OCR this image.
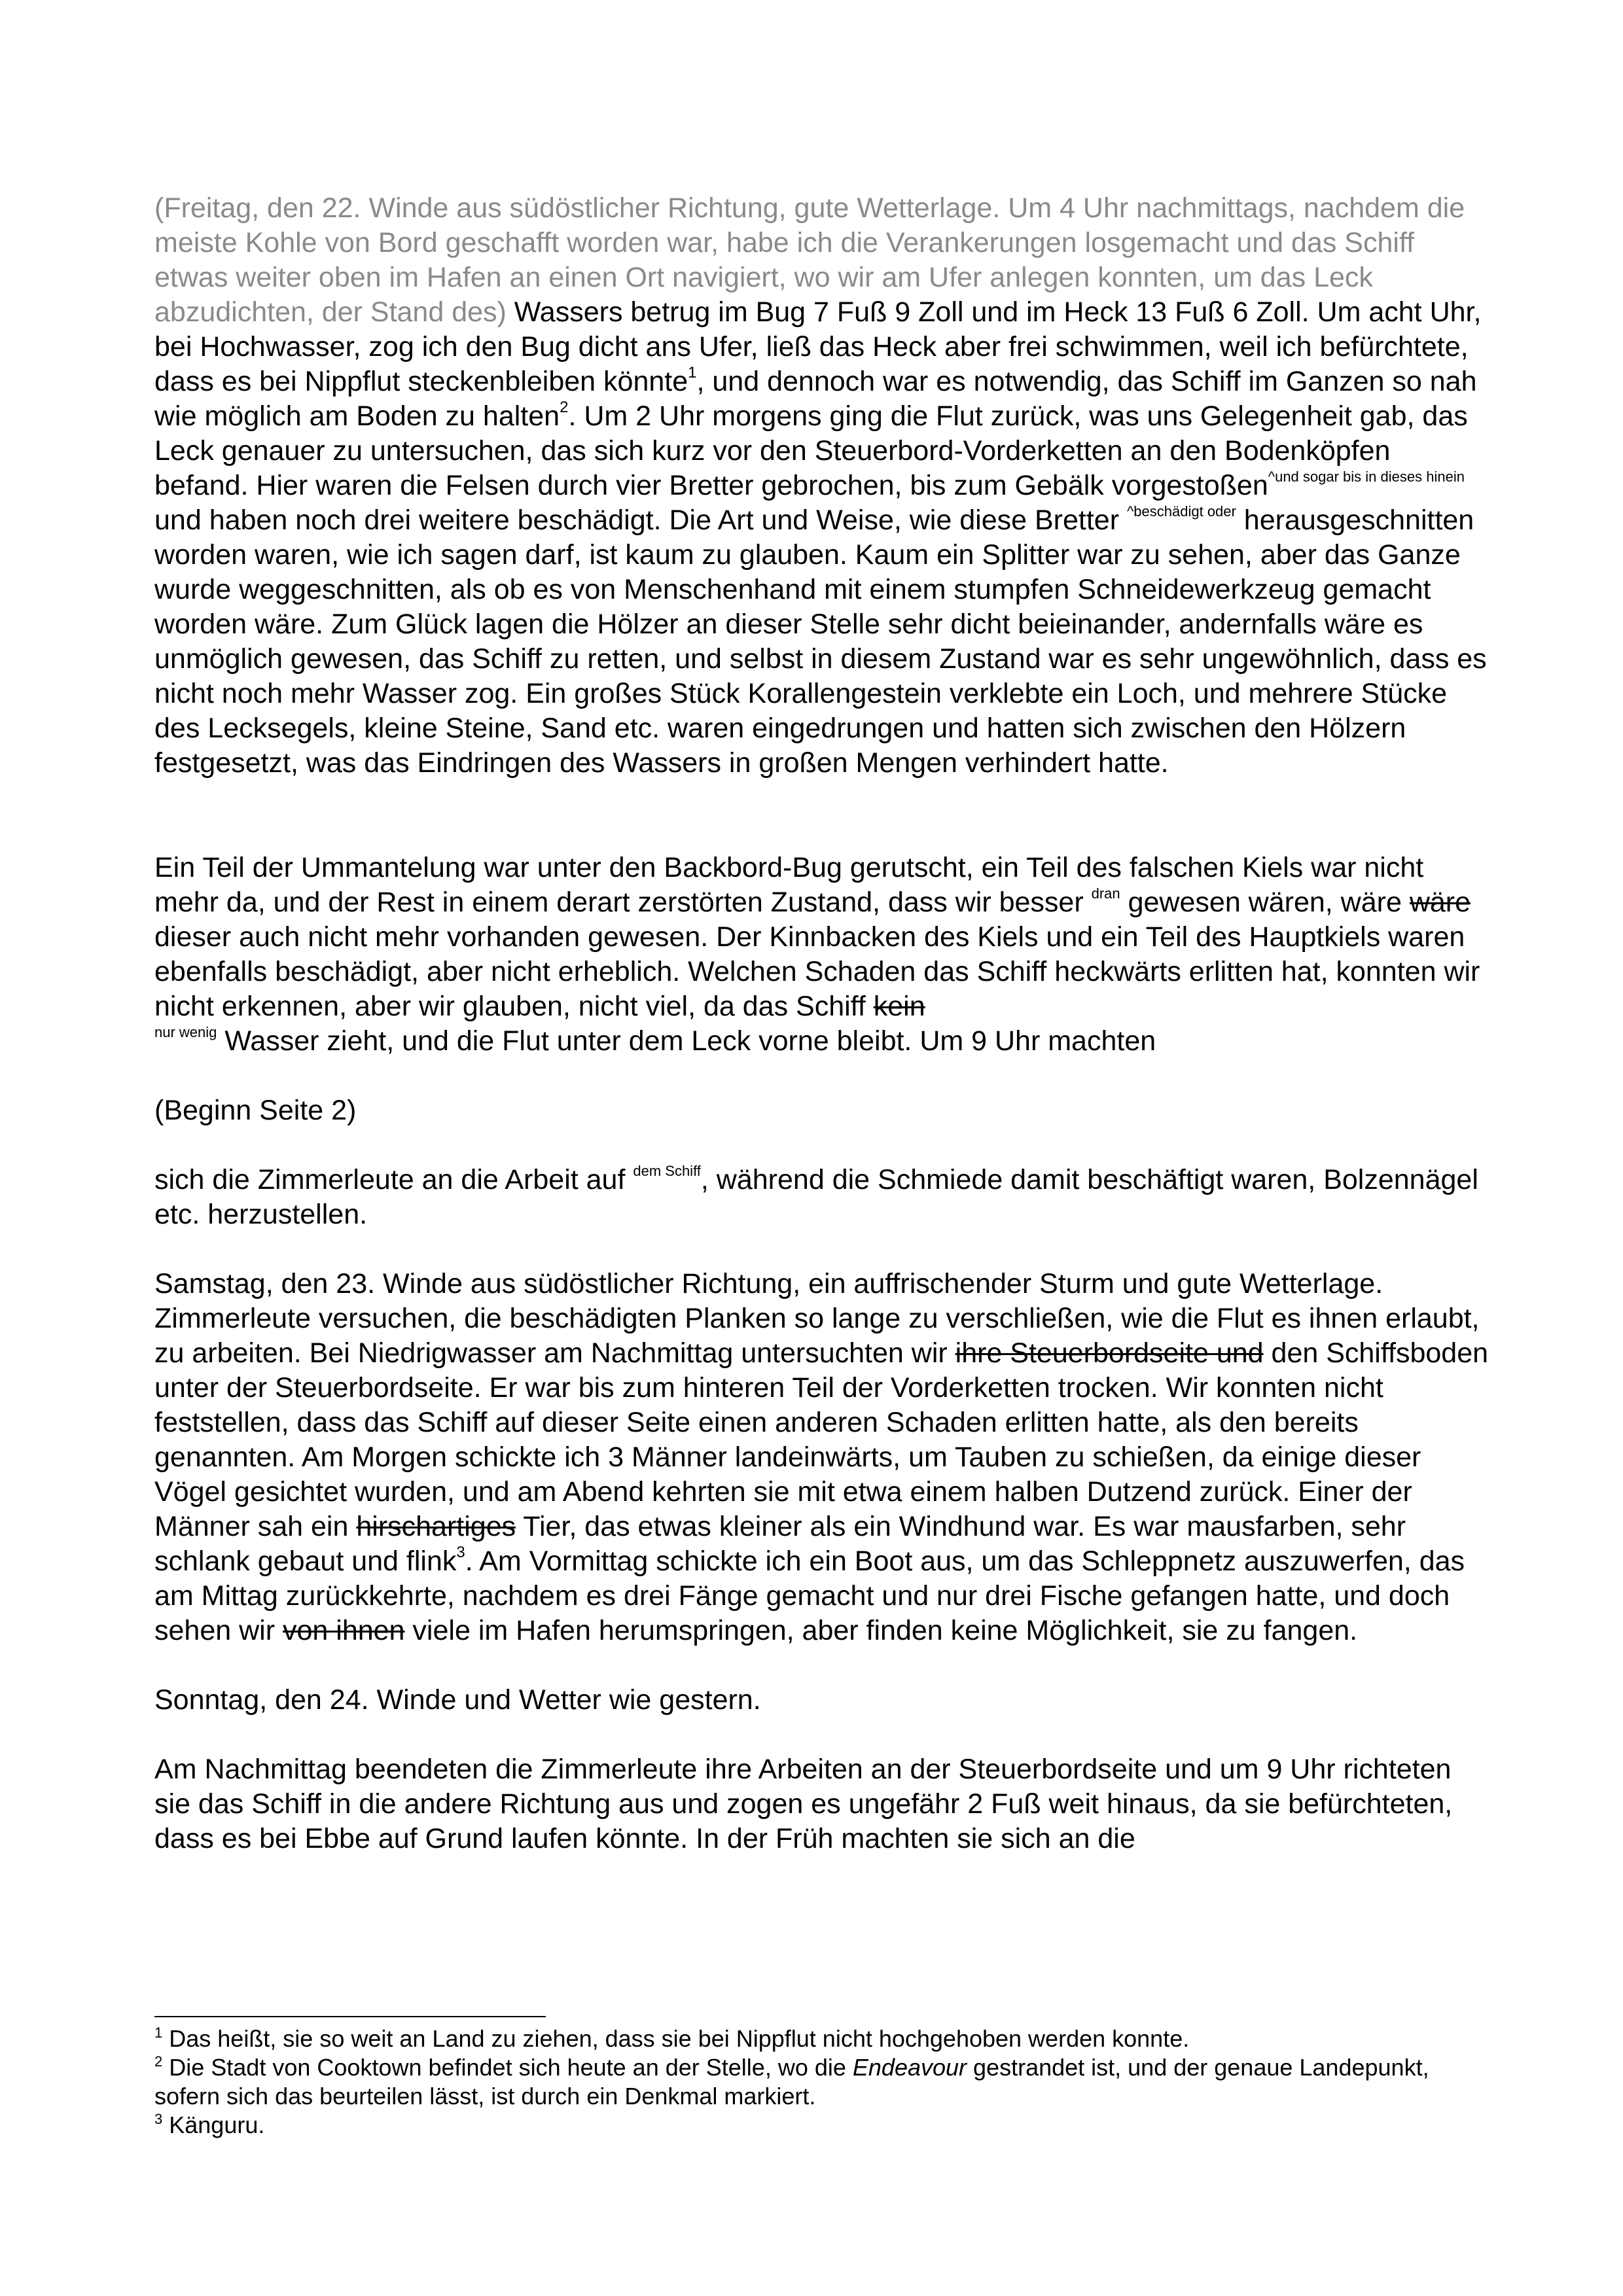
(Freitag, den 22. Winde aus südöstlicher Richtung, gute Wetterlage. Um 4 Uhr nachmittags, nachdem die meiste Kohle von Bord geschafft worden war, habe ich die Verankerungen losgemacht und das Schiff etwas weiter oben im Hafen an einen Ort navigiert, wo wir am Ufer anlegen konnten, um das Leck abzudichten, der Stand des) Wassers betrug im Bug 7 Fuß 9 Zoll und im Heck 13 Fuß 6 Zoll. Um acht Uhr, bei Hochwasser, zog ich den Bug dicht ans Ufer, ließ das Heck aber frei schwimmen, weil ich befürchtete, dass es bei Nippflut steckenbleiben könnte$^1$, und dennoch war es notwendig, das Schiff im Ganzen so nah wie möglich am Boden zu halten$^2$. Um 2 Uhr morgens ging die Flut zurück, was uns Gelegenheit gab, das Leck genauer zu untersuchen, das sich kurz vor den Steuerbord-Vorderketten an den Bodenköpfen befand. Hier waren die Felsen durch vier Bretter gebrochen, bis zum Gebälk vorgestoßen$^{\^{}und sogar bis in dieses hinein}$ und haben noch drei weitere beschädigt. Die Art und Weise, wie diese Bretter $^{\^{}beschädigt oder}$ herausgeschnitten worden waren, wie ich sagen darf, ist kaum zu glauben. Kaum ein Splitter war zu sehen, aber das Ganze wurde weggeschnitten, als ob es von Menschenhand mit einem stumpfen Schneidewerkzeug gemacht worden wäre. Zum Glück lagen die Hölzer an dieser Stelle sehr dicht beieinander, andernfalls wäre es unmöglich gewesen, das Schiff zu retten, und selbst in diesem Zustand war es sehr ungewöhnlich, dass es nicht noch mehr Wasser zog. Ein großes Stück Korallengestein verklebte ein Loch, und mehrere Stücke des Lecksegels, kleine Steine, Sand etc. waren eingedrungen und hatten sich zwischen den Hölzern festgesetzt, was das Eindringen des Wassers in großen Mengen verhindert hatte.

Ein Teil der Ummantelung war unter den Backbord-Bug gerutscht, ein Teil des falschen Kiels war nicht mehr da, und der Rest in einem derart zerstörten Zustand, dass wir besser $^{dran}$ gewesen wären, wäre wäre dieser auch nicht mehr vorhanden gewesen. Der Kinnbacken des Kiels und ein Teil des Hauptkiels waren ebenfalls beschädigt, aber nicht erheblich. Welchen Schaden das Schiff heckwärts erlitten hat, konnten wir nicht erkennen, aber wir glauben, nicht viel, da das Schiff kein
$^{nur wenig}$ Wasser zieht, und die Flut unter dem Leck vorne bleibt. Um 9 Uhr machten

(Beginn Seite 2)

sich die Zimmerleute an die Arbeit auf $^{dem Schiff}$, während die Schmiede damit beschäftigt waren, Bolzennägel etc. herzustellen.

Samstag, den 23. Winde aus südöstlicher Richtung, ein auffrischender Sturm und gute Wetterlage. Zimmerleute versuchen, die beschädigten Planken so lange zu verschließen, wie die Flut es ihnen erlaubt, zu arbeiten. Bei Niedrigwasser am Nachmittag untersuchten wir ihre Steuerbordseite und den Schiffsboden unter der Steuerbordseite. Er war bis zum hinteren Teil der Vorderketten trocken. Wir konnten nicht feststellen, dass das Schiff auf dieser Seite einen anderen Schaden erlitten hatte, als den bereits genannten. Am Morgen schickte ich 3 Männer landeinwärts, um Tauben zu schießen, da einige dieser Vögel gesichtet wurden, und am Abend kehrten sie mit etwa einem halben Dutzend zurück. Einer der Männer sah ein hirschartiges Tier, das etwas kleiner als ein Windhund war. Es war mausfarben, sehr schlank gebaut und flink$^3$. Am Vormittag schickte ich ein Boot aus, um das Schleppnetz auszuwerfen, das am Mittag zurückkehrte, nachdem es drei Fänge gemacht und nur drei Fische gefangen hatte, und doch sehen wir von ihnen viele im Hafen herumspringen, aber finden keine Möglichkeit, sie zu fangen.

Sonntag, den 24. Winde und Wetter wie gestern.

Am Nachmittag beendeten die Zimmerleute ihre Arbeiten an der Steuerbordseite und um 9 Uhr richteten sie das Schiff in die andere Richtung aus und zogen es ungefähr 2 Fuß weit hinaus, da sie befürchteten, dass es bei Ebbe auf Grund laufen könnte. In der Früh machten sie sich an die

$^1$ Das heißt, sie so weit an Land zu ziehen, dass sie bei Nippflut nicht hochgehoben werden konnte.

$^2$ Die Stadt von Cooktown befindet sich heute an der Stelle, wo die Endeavour gestrandet ist, und der genaue Landepunkt, sofern sich das beurteilen lässt, ist durch ein Denkmal markiert.

$^3$ Känguru.
